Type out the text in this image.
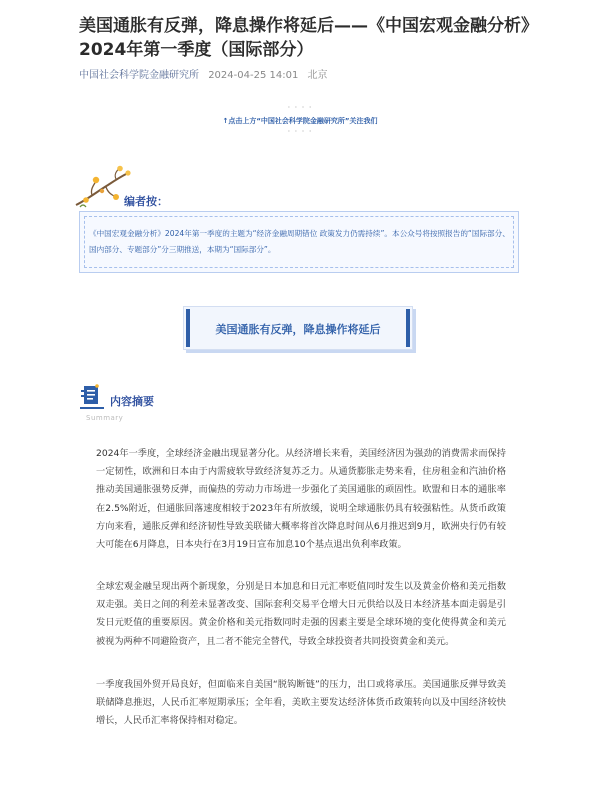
美国通胀有反弹，降息操作将延后——《中国宏观金融分析》2024年第一季度（国际部分）
中国社会科学院金融研究所 2024-04-25 14:01 北京
· · · ·
↑点击上方“中国社会科学院金融研究所”关注我们
· · · ·
编者按：

《中国宏观金融分析》2024年第一季度的主题为“经济金融周期错位 政策发力仍需持续”。本公众号将按照报告的“国际部分、国内部分、专题部分”分三期推送，本期为“国际部分”。

美国通胀有反弹，降息操作将延后
内容摘要
Summary

2024年一季度，全球经济金融出现显著分化。从经济增长来看，美国经济因为强劲的消费需求而保持一定韧性，欧洲和日本由于内需疲软导致经济复苏乏力。从通货膨胀走势来看，住房租金和汽油价格推动美国通胀强势反弹，而偏热的劳动力市场进一步强化了美国通胀的顽固性。欧盟和日本的通胀率在2.5%附近，但通胀回落速度相较于2023年有所放缓，说明全球通胀仍具有较强粘性。从货币政策方向来看，通胀反弹和经济韧性导致美联储大概率将首次降息时间从6月推迟到9月，欧洲央行仍有较大可能在6月降息，日本央行在3月19日宣布加息10个基点退出负利率政策。

全球宏观金融呈现出两个新现象，分别是日本加息和日元汇率贬值同时发生以及黄金价格和美元指数双走强。美日之间的利差未显著改变、国际套利交易平仓增大日元供给以及日本经济基本面走弱是引发日元贬值的重要原因。黄金价格和美元指数同时走强的因素主要是全球环境的变化使得黄金和美元被视为两种不同避险资产，且二者不能完全替代，导致全球投资者共同投资黄金和美元。

一季度我国外贸开局良好，但面临来自美国“脱钩断链”的压力，出口或将承压。美国通胀反弹导致美联储降息推迟，人民币汇率短期承压；全年看，美欧主要发达经济体货币政策转向以及中国经济较快增长，人民币汇率将保持相对稳定。
